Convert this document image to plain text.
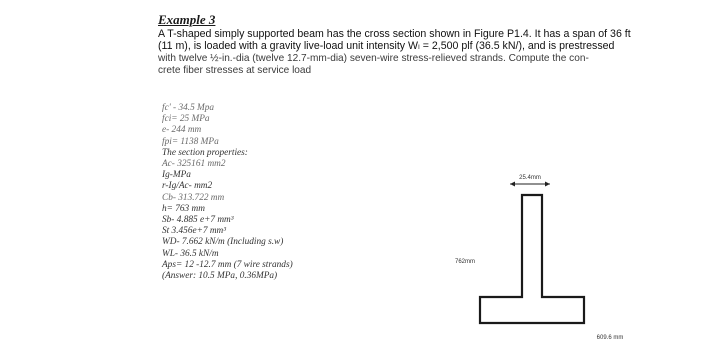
Example 3
A T-shaped simply supported beam has the cross section shown in Figure P1.4. It has a span of 36 ft
(11 m), is loaded with a gravity live-load unit intensity Wₗ = 2,500 plf (36.5 kN/), and is prestressed
with twelve ½-in.-dia (twelve 12.7-mm-dia) seven-wire stress-relieved strands. Compute the con-
crete fiber stresses at service load
fc' - 34.5 Mpa
fci= 25 MPa
e- 244 mm
fpi= 1138 MPa
The section properties:
Ac- 325161 mm2
Ig-MPa
r-Ig/Ac- mm2
Cb- 313.722 mm
h= 763 mm
Sb- 4.885 e+7 mm³
St 3.456e+7 mm³
WD- 7.662 kN/m (Including s.w)
WL- 36.5 kN/m
Aps= 12 -12.7 mm (7 wire strands)
(Answer: 10.5 MPa, 0.36MPa)
25.4mm
762mm
609.6 mm
